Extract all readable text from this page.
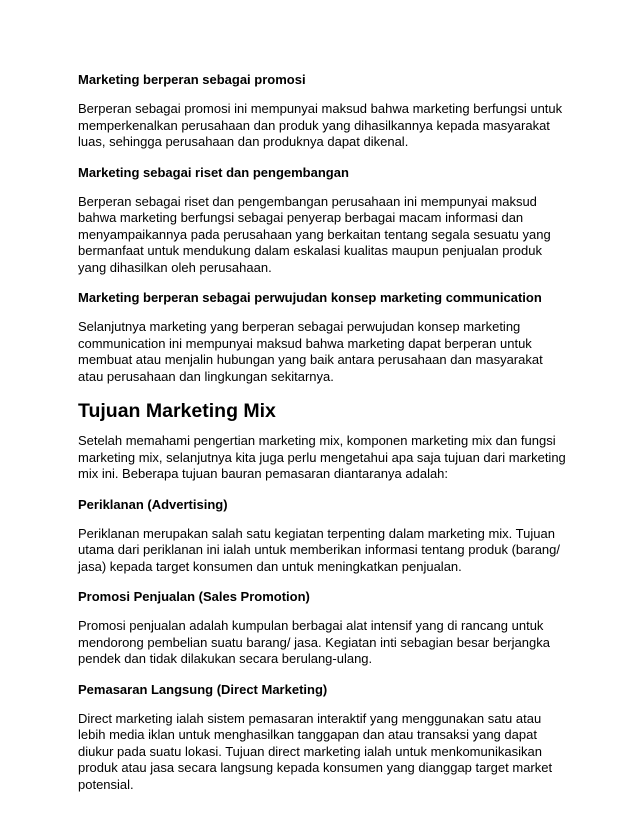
Marketing berperan sebagai promosi

Berperan sebagai promosi ini mempunyai maksud bahwa marketing berfungsi untuk memperkenalkan perusahaan dan produk yang dihasilkannya kepada masyarakat luas, sehingga perusahaan dan produknya dapat dikenal.

Marketing sebagai riset dan pengembangan

Berperan sebagai riset dan pengembangan perusahaan ini mempunyai maksud bahwa marketing berfungsi sebagai penyerap berbagai macam informasi dan menyampaikannya pada perusahaan yang berkaitan tentang segala sesuatu yang bermanfaat untuk mendukung dalam eskalasi kualitas maupun penjualan produk yang dihasilkan oleh perusahaan.

Marketing berperan sebagai perwujudan konsep marketing communication

Selanjutnya marketing yang berperan sebagai perwujudan konsep marketing communication ini mempunyai maksud bahwa marketing dapat berperan untuk membuat atau menjalin hubungan yang baik antara perusahaan dan masyarakat atau perusahaan dan lingkungan sekitarnya.

Tujuan Marketing Mix

Setelah memahami pengertian marketing mix, komponen marketing mix dan fungsi marketing mix, selanjutnya kita juga perlu mengetahui apa saja tujuan dari marketing mix ini. Beberapa tujuan bauran pemasaran diantaranya adalah:

Periklanan (Advertising)

Periklanan merupakan salah satu kegiatan terpenting dalam marketing mix. Tujuan utama dari periklanan ini ialah untuk memberikan informasi tentang produk (barang/ jasa) kepada target konsumen dan untuk meningkatkan penjualan.

Promosi Penjualan (Sales Promotion)

Promosi penjualan adalah kumpulan berbagai alat intensif yang di rancang untuk mendorong pembelian suatu barang/ jasa. Kegiatan inti sebagian besar berjangka pendek dan tidak dilakukan secara berulang-ulang.

Pemasaran Langsung (Direct Marketing)

Direct marketing ialah sistem pemasaran interaktif yang menggunakan satu atau lebih media iklan untuk menghasilkan tanggapan dan atau transaksi yang dapat diukur pada suatu lokasi. Tujuan direct marketing ialah untuk menkomunikasikan produk atau jasa secara langsung kepada konsumen yang dianggap target market potensial.
